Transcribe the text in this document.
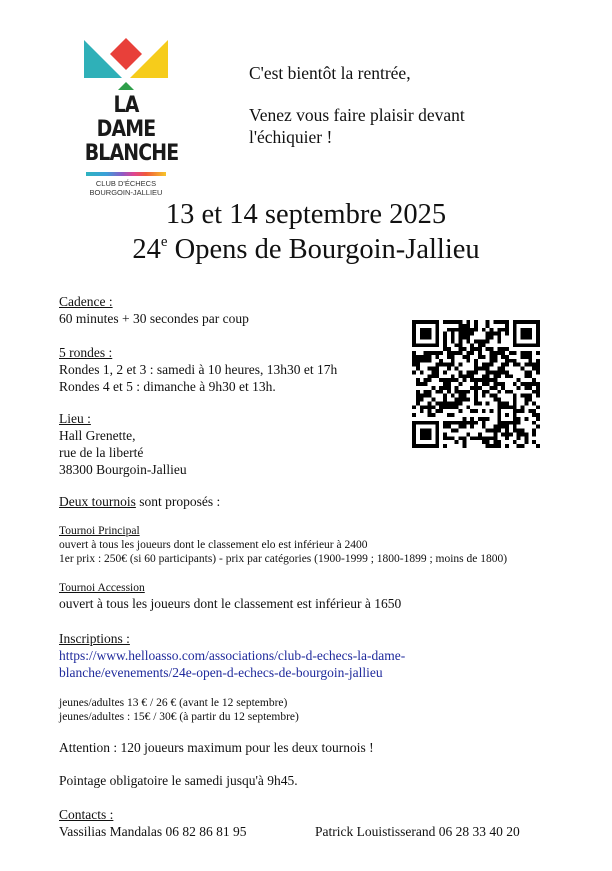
LA DAME
BLANCHE
CLUB D'ÉCHECS
BOURGOIN-JALLIEU

C'est bientôt la rentrée,

Venez vous faire plaisir devant

l'échiquier !

13 et 14 septembre 2025
24e Opens de Bourgoin-Jallieu
Cadence :
60 minutes + 30 secondes par coup
5 rondes :
Rondes 1, 2 et 3 : samedi à 10 heures, 13h30 et 17h
Rondes 4 et 5 : dimanche à 9h30 et 13h.
Lieu :
Hall Grenette,
rue de la liberté
38300 Bourgoin-Jallieu
Deux tournois sont proposés :
Tournoi Principal
ouvert à tous les joueurs dont le classement elo est inférieur à 2400
1er prix : 250€ (si 60 participants) - prix par catégories (1900-1999 ; 1800-1899 ; moins de 1800)
Tournoi Accession
ouvert à tous les joueurs dont le classement est inférieur à 1650
Inscriptions :
https://www.helloasso.com/associations/club-d-echecs-la-dame-
blanche/evenements/24e-open-d-echecs-de-bourgoin-jallieu
jeunes/adultes 13 € / 26 € (avant le 12 septembre)
jeunes/adultes : 15€ / 30€ (à partir du 12 septembre)
Attention : 120 joueurs maximum pour les deux tournois !
Pointage obligatoire le samedi jusqu'à 9h45.
Contacts :
Vassilias Mandalas 06 82 86 81 95	Patrick Louistisserand 06 28 33 40 20
